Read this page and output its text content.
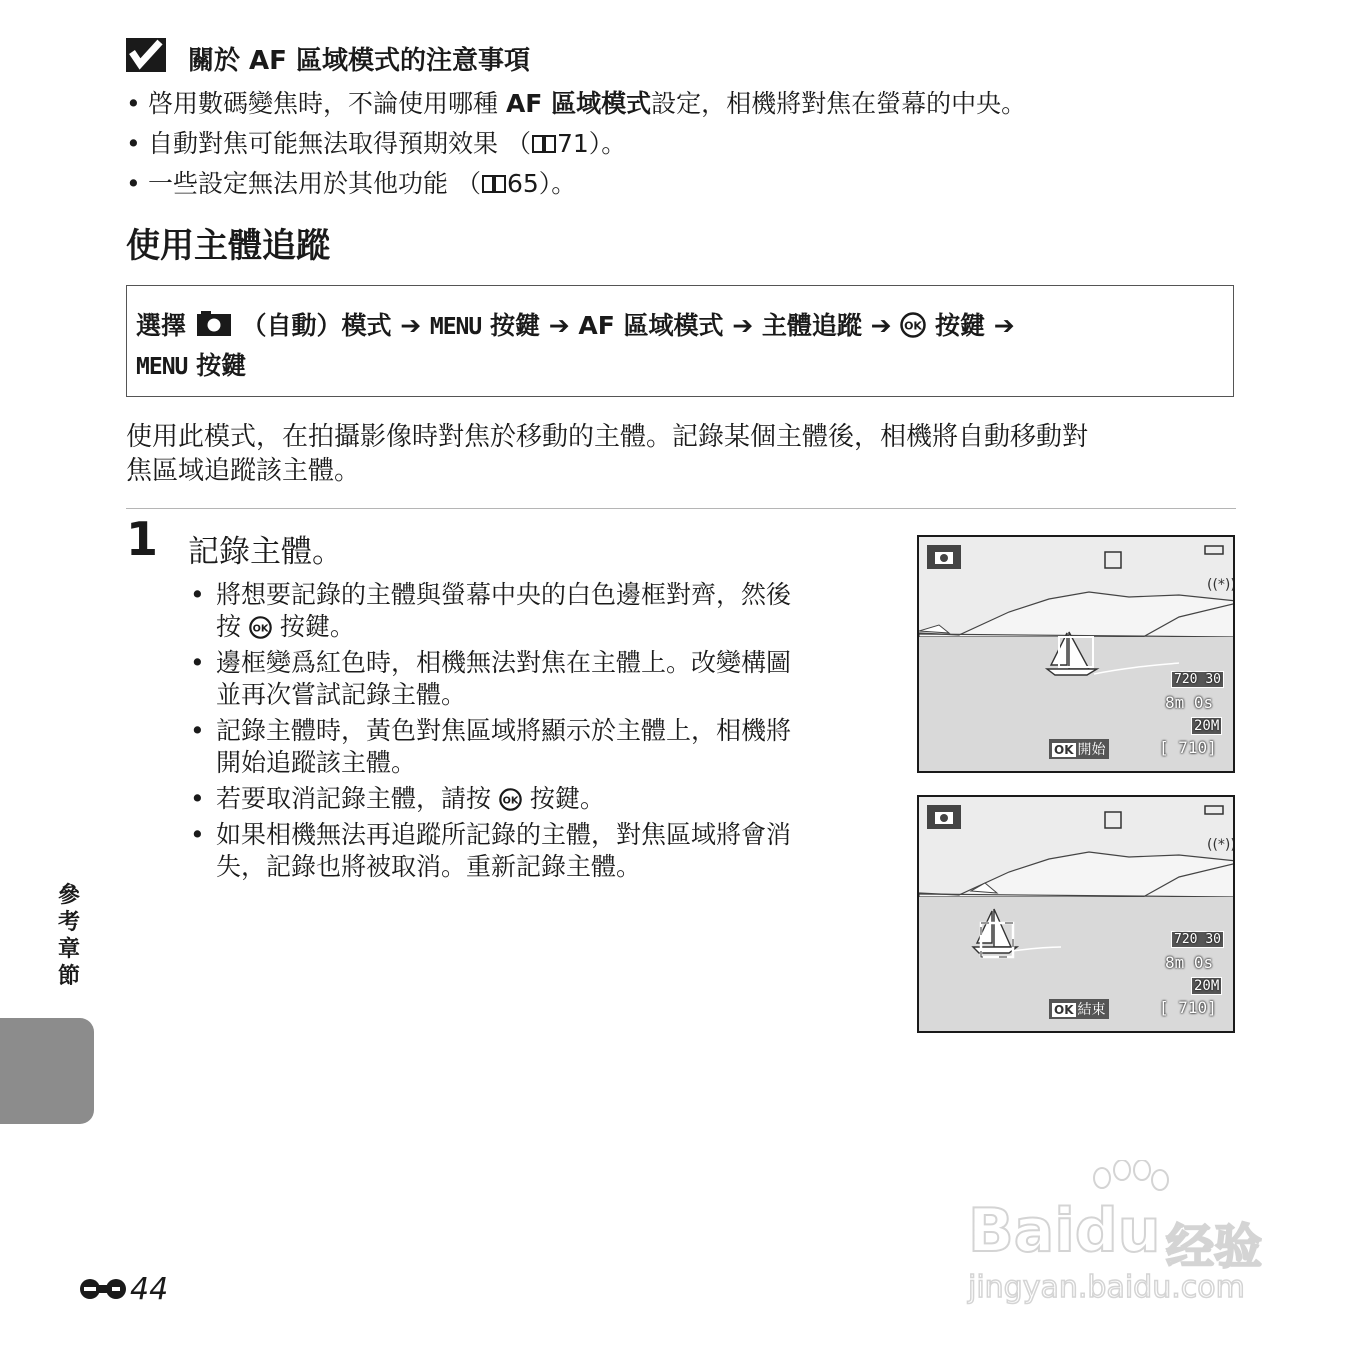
關於 AF 區域模式的注意事項
• 啓用數碼變焦時，不論使用哪種 AF 區域模式設定，相機將對焦在螢幕的中央。
• 自動對焦可能無法取得預期效果 （ 71）。
• 一些設定無法用於其他功能 （ 65）。
使用主體追蹤
選擇 （自動）模式 ➔ MENU 按鍵 ➔ AF 區域模式 ➔ 主體追蹤 ➔ OK 按鍵 ➔
MENU 按鍵
使用此模式，在拍攝影像時對焦於移動的主體。記錄某個主體後，相機將自動移動對
焦區域追蹤該主體。
1 記錄主體。
• 將想要記錄的主體與螢幕中央的白色邊框對齊，然後
按 OK 按鍵。
• 邊框變爲紅色時，相機無法對焦在主體上。改變構圖
並再次嘗試記錄主體。
• 記錄主體時，黃色對焦區域將顯示於主體上，相機將
開始追蹤該主體。
• 若要取消記錄主體，請按 OK 按鍵。
• 如果相機無法再追蹤所記錄的主體，對焦區域將會消
失，記錄也將被取消。重新記錄主體。
((*))
720 30
8m 0s
20M
[ 710]
OK 開始
((*))
720 30
8m 0s
20M
[ 710]
OK 結束
參考章節
44
Baidu 经验
jingyan.baidu.com
